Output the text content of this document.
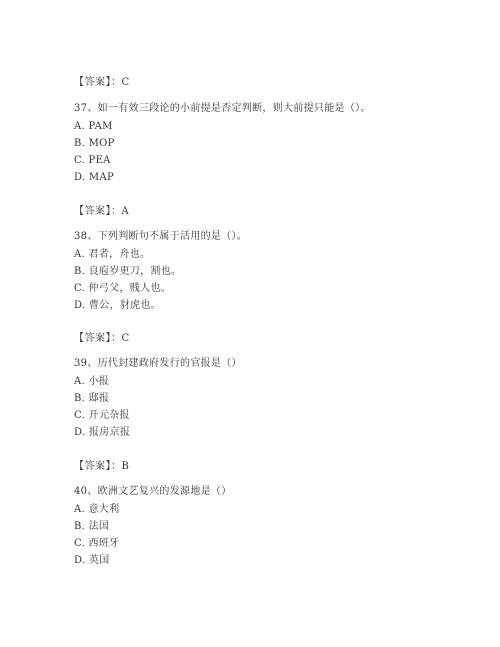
【答案】：C
37、如一有效三段论的小前提是否定判断，则大前提只能是（）。
A. PAM
B. MOP
C. PEA
D. MAP
【答案】：A
38、下列判断句不属于活用的是（）。
A. 君者，舟也。
B. 良庖岁更刀，割也。
C. 仲弓父，贱人也。
D. 曹公，豺虎也。
【答案】：C
39、历代封建政府发行的官报是（）
A. 小报
B. 邸报
C. 开元杂报
D. 报房京报
【答案】：B
40、欧洲文艺复兴的发源地是（）
A. 意大利
B. 法国
C. 西班牙
D. 英国
